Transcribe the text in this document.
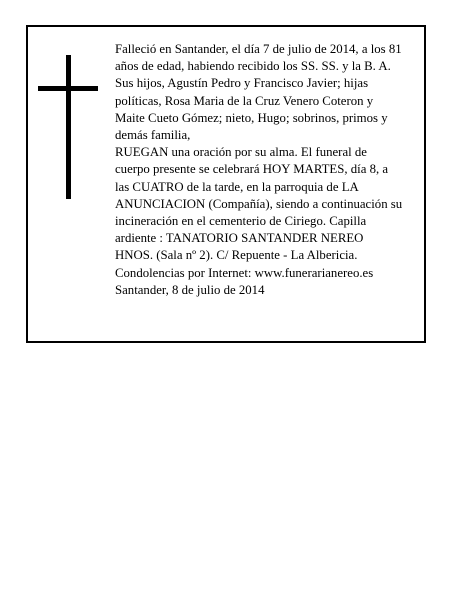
Falleció en Santander, el día 7 de julio de 2014, a los 81
años de edad, habiendo recibido los SS. SS. y la B. A.
Sus hijos, Agustín Pedro y Francisco Javier; hijas
políticas, Rosa Maria de la Cruz Venero Coteron y
Maite Cueto Gómez; nieto, Hugo; sobrinos, primos y
demás familia,
RUEGAN una oración por su alma. El funeral de
cuerpo presente se celebrará HOY MARTES, día 8, a
las CUATRO de la tarde, en la parroquia de LA
ANUNCIACION (Compañía), siendo a continuación su
incineración en el cementerio de Ciriego. Capilla
ardiente : TANATORIO SANTANDER NEREO
HNOS. (Sala nº 2). C/ Repuente - La Albericia.
Condolencias por Internet: www.funerarianereo.es
Santander, 8 de julio de 2014
